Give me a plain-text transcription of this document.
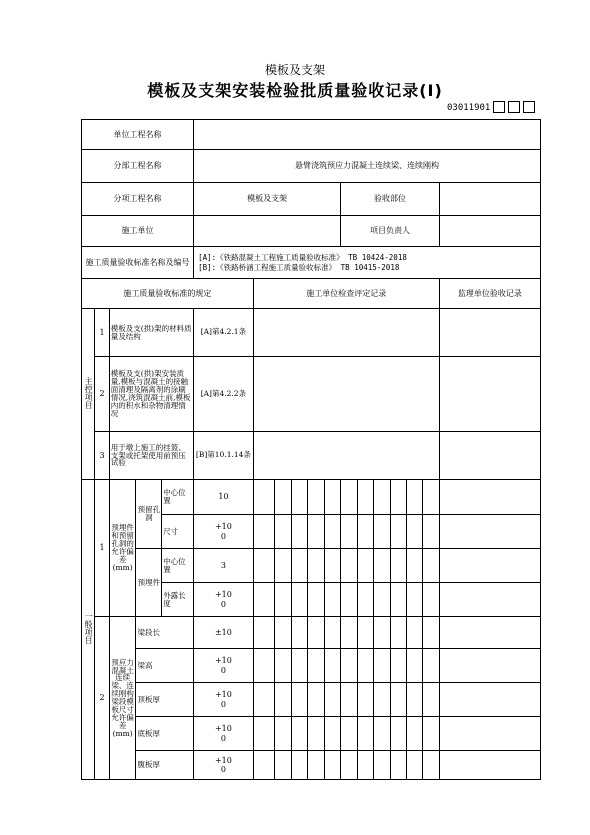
模板及支架
模板及支架安装检验批质量验收记录(Ⅰ)
03011901
单位工程名称																	
分部工程名称					悬臂浇筑预应力混凝土连续梁、连续刚构												
分项工程名称					模板及支架						验收部位						
施工单位											项目负责人						
施工质量验收标准名称及编号					[A]:《铁路混凝土工程施工质量验收标准》 TB 10424-2018
[B]:《铁路桥涵工程施工质量验收标准》 TB 10415-2018												

施工质量验收标准的规定						施工单位检查评定记录											监理单位验收记录
主控项目	1	模板及支(拱)架的材料质量及结构			[A]第4.2.1条												
	2	模板及支(拱)架安装质量,模板与混凝土的接触面清理及隔离剂的涂刷情况,浇筑混凝土前,模板内的积水和杂物清理情况			[A]第4.2.2条												
	3	用于墩上施工的挂篮、支架或托架使用前预压试验			[B]第10.1.14条												
一般项目	1	预埋件和预留孔洞的允许偏差(mm)	预留孔洞	中心位置	10												

				尺寸	+10
0												

			预埋件	中心位置	3												

				外露长度	+10
0												

	2	预应力混凝土连续梁、连续刚构梁段模板尺寸允许偏差(mm)	梁段长		±10												

			梁高		+10
0												

			顶板厚		+10
0												

			底板厚		+10
0												

			腹板厚		+10
0												
